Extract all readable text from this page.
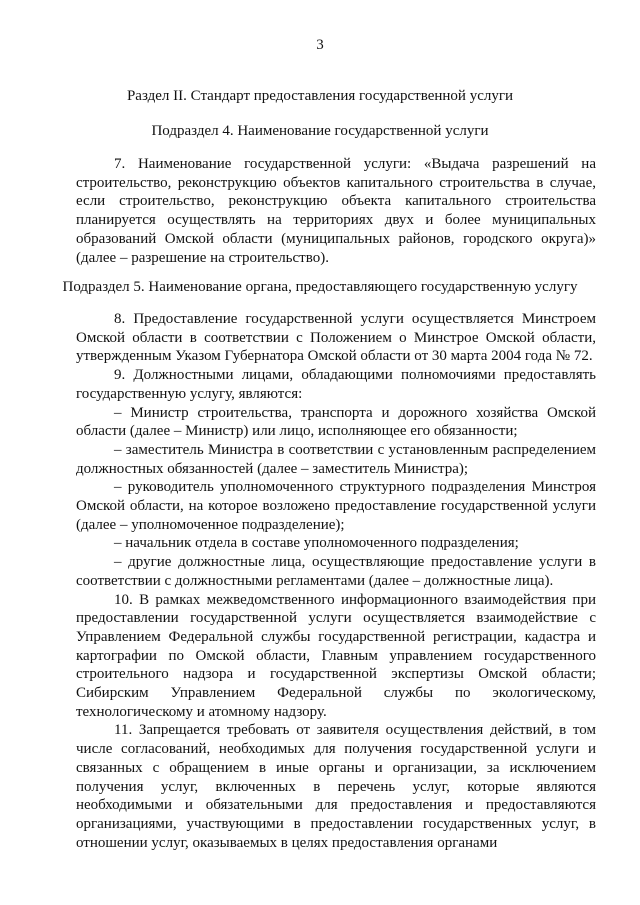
3
Раздел II. Стандарт предоставления государственной услуги
Подраздел 4. Наименование государственной услуги

7. Наименование государственной услуги: «Выдача разрешений на строительство, реконструкцию объектов капитального строительства в случае, если строительство, реконструкцию объекта капитального строительства планируется осуществлять на территориях двух и более муниципальных образований Омской области (муниципальных районов, городского округа)» (далее – разрешение на строительство).

Подраздел 5. Наименование органа, предоставляющего государственную услугу

8. Предоставление государственной услуги осуществляется Минстроем Омской области в соответствии с Положением о Минстрое Омской области, утвержденным Указом Губернатора Омской области от 30 марта 2004 года № 72.

9. Должностными лицами, обладающими полномочиями предоставлять государственную услугу, являются:

– Министр строительства, транспорта и дорожного хозяйства Омской области (далее – Министр) или лицо, исполняющее его обязанности;

– заместитель Министра в соответствии с установленным распределением должностных обязанностей (далее – заместитель Министра);

– руководитель уполномоченного структурного подразделения Минстроя Омской области, на которое возложено предоставление государственной услуги (далее – уполномоченное подразделение);

– начальник отдела в составе уполномоченного подразделения;

– другие должностные лица, осуществляющие предоставление услуги в соответствии с должностными регламентами (далее – должностные лица).

10. В рамках межведомственного информационного взаимодействия при предоставлении государственной услуги осуществляется взаимодействие с Управлением Федеральной службы государственной регистрации, кадастра и картографии по Омской области, Главным управлением государственного строительного надзора и государственной экспертизы Омской области; Сибирским Управлением Федеральной службы по экологическому, технологическому и атомному надзору.

11. Запрещается требовать от заявителя осуществления действий, в том числе согласований, необходимых для получения государственной услуги и связанных с обращением в иные органы и организации, за исключением получения услуг, включенных в перечень услуг, которые являются необходимыми и обязательными для предоставления и предоставляются организациями, участвующими в предоставлении государственных услуг, в отношении услуг, оказываемых в целях предоставления органами
